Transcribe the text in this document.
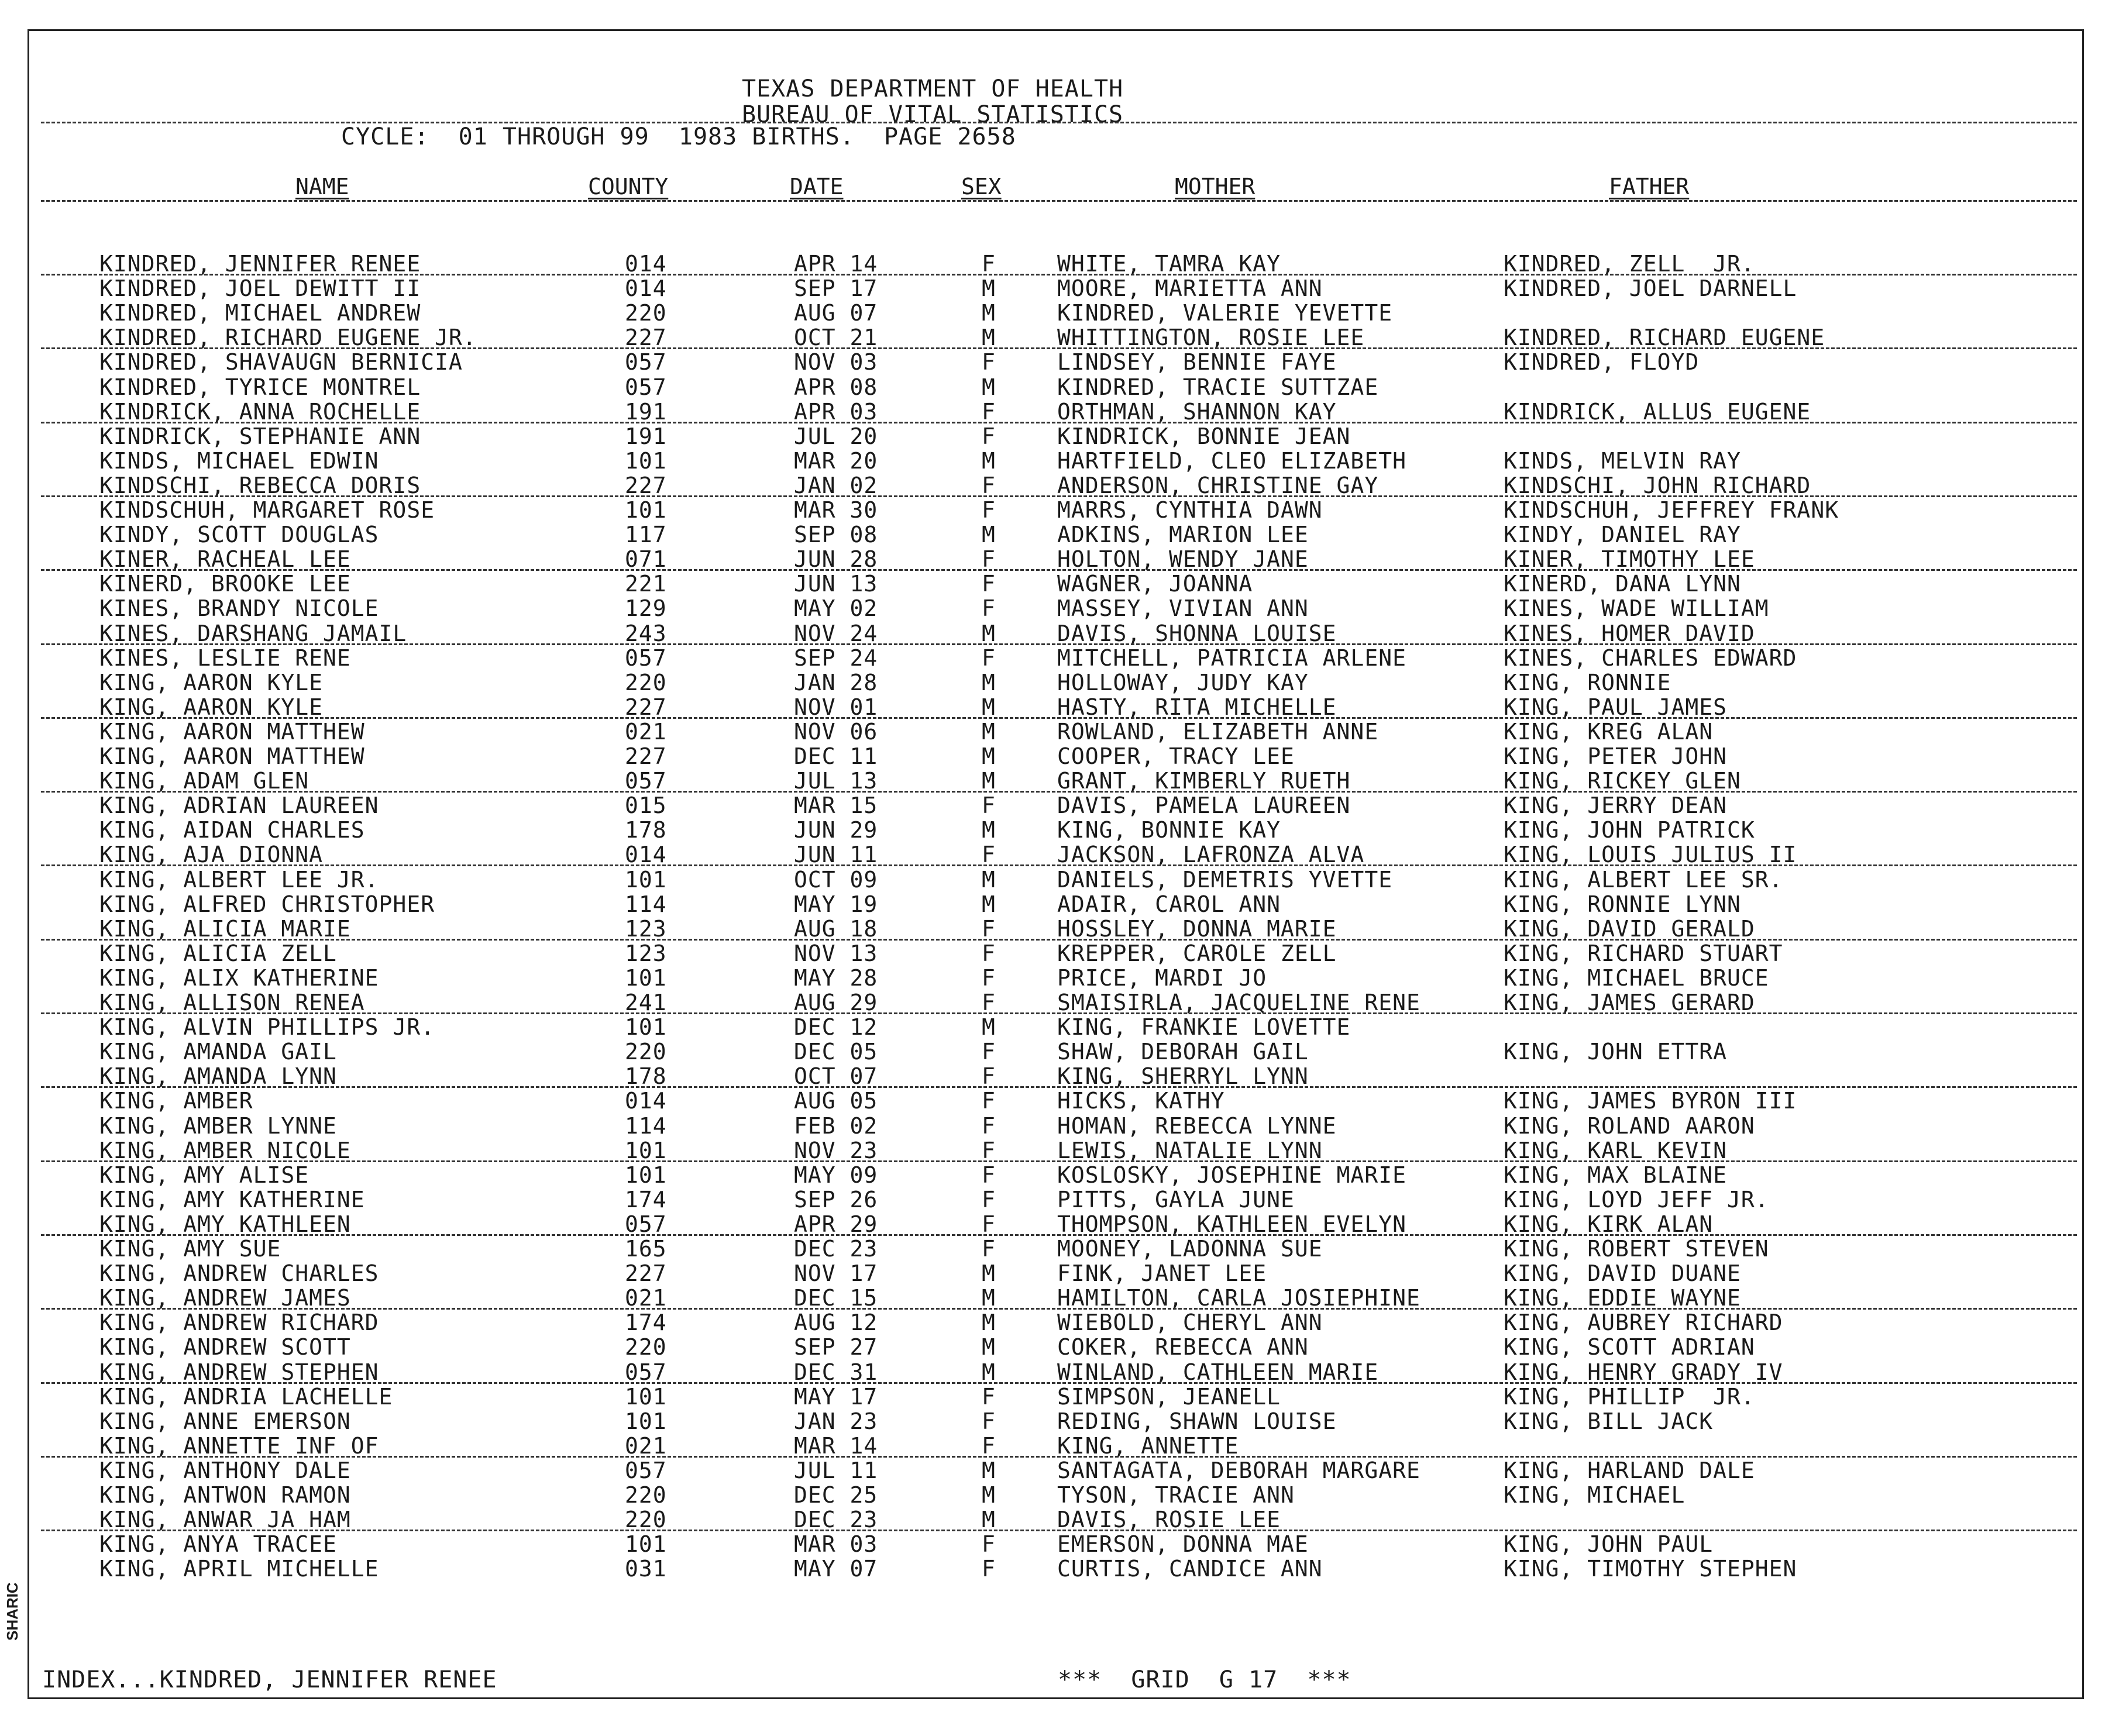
TEXAS DEPARTMENT OF HEALTH
BUREAU OF VITAL STATISTICS
CYCLE:  01 THROUGH 99  1983 BIRTHS.  PAGE 2658
NAME	COUNTY	DATE	SEX	MOTHER	FATHER
KINDRED, JENNIFER RENEE	014	APR 14	F	WHITE, TAMRA KAY	KINDRED, ZELL  JR.
KINDRED, JOEL DEWITT II	014	SEP 17	M	MOORE, MARIETTA ANN	KINDRED, JOEL DARNELL
KINDRED, MICHAEL ANDREW	220	AUG 07	M	KINDRED, VALERIE YEVETTE
KINDRED, RICHARD EUGENE JR.	227	OCT 21	M	WHITTINGTON, ROSIE LEE	KINDRED, RICHARD EUGENE
KINDRED, SHAVAUGN BERNICIA	057	NOV 03	F	LINDSEY, BENNIE FAYE	KINDRED, FLOYD
KINDRED, TYRICE MONTREL	057	APR 08	M	KINDRED, TRACIE SUTTZAE
KINDRICK, ANNA ROCHELLE	191	APR 03	F	ORTHMAN, SHANNON KAY	KINDRICK, ALLUS EUGENE
KINDRICK, STEPHANIE ANN	191	JUL 20	F	KINDRICK, BONNIE JEAN
KINDS, MICHAEL EDWIN	101	MAR 20	M	HARTFIELD, CLEO ELIZABETH	KINDS, MELVIN RAY
KINDSCHI, REBECCA DORIS	227	JAN 02	F	ANDERSON, CHRISTINE GAY	KINDSCHI, JOHN RICHARD
KINDSCHUH, MARGARET ROSE	101	MAR 30	F	MARRS, CYNTHIA DAWN	KINDSCHUH, JEFFREY FRANK
KINDY, SCOTT DOUGLAS	117	SEP 08	M	ADKINS, MARION LEE	KINDY, DANIEL RAY
KINER, RACHEAL LEE	071	JUN 28	F	HOLTON, WENDY JANE	KINER, TIMOTHY LEE
KINERD, BROOKE LEE	221	JUN 13	F	WAGNER, JOANNA	KINERD, DANA LYNN
KINES, BRANDY NICOLE	129	MAY 02	F	MASSEY, VIVIAN ANN	KINES, WADE WILLIAM
KINES, DARSHANG JAMAIL	243	NOV 24	M	DAVIS, SHONNA LOUISE	KINES, HOMER DAVID
KINES, LESLIE RENE	057	SEP 24	F	MITCHELL, PATRICIA ARLENE	KINES, CHARLES EDWARD
KING, AARON KYLE	220	JAN 28	M	HOLLOWAY, JUDY KAY	KING, RONNIE
KING, AARON KYLE	227	NOV 01	M	HASTY, RITA MICHELLE	KING, PAUL JAMES
KING, AARON MATTHEW	021	NOV 06	M	ROWLAND, ELIZABETH ANNE	KING, KREG ALAN
KING, AARON MATTHEW	227	DEC 11	M	COOPER, TRACY LEE	KING, PETER JOHN
KING, ADAM GLEN	057	JUL 13	M	GRANT, KIMBERLY RUETH	KING, RICKEY GLEN
KING, ADRIAN LAUREEN	015	MAR 15	F	DAVIS, PAMELA LAUREEN	KING, JERRY DEAN
KING, AIDAN CHARLES	178	JUN 29	M	KING, BONNIE KAY	KING, JOHN PATRICK
KING, AJA DIONNA	014	JUN 11	F	JACKSON, LAFRONZA ALVA	KING, LOUIS JULIUS II
KING, ALBERT LEE JR.	101	OCT 09	M	DANIELS, DEMETRIS YVETTE	KING, ALBERT LEE SR.
KING, ALFRED CHRISTOPHER	114	MAY 19	M	ADAIR, CAROL ANN	KING, RONNIE LYNN
KING, ALICIA MARIE	123	AUG 18	F	HOSSLEY, DONNA MARIE	KING, DAVID GERALD
KING, ALICIA ZELL	123	NOV 13	F	KREPPER, CAROLE ZELL	KING, RICHARD STUART
KING, ALIX KATHERINE	101	MAY 28	F	PRICE, MARDI JO	KING, MICHAEL BRUCE
KING, ALLISON RENEA	241	AUG 29	F	SMAISIRLA, JACQUELINE RENE	KING, JAMES GERARD
KING, ALVIN PHILLIPS JR.	101	DEC 12	M	KING, FRANKIE LOVETTE
KING, AMANDA GAIL	220	DEC 05	F	SHAW, DEBORAH GAIL	KING, JOHN ETTRA
KING, AMANDA LYNN	178	OCT 07	F	KING, SHERRYL LYNN
KING, AMBER	014	AUG 05	F	HICKS, KATHY	KING, JAMES BYRON III
KING, AMBER LYNNE	114	FEB 02	F	HOMAN, REBECCA LYNNE	KING, ROLAND AARON
KING, AMBER NICOLE	101	NOV 23	F	LEWIS, NATALIE LYNN	KING, KARL KEVIN
KING, AMY ALISE	101	MAY 09	F	KOSLOSKY, JOSEPHINE MARIE	KING, MAX BLAINE
KING, AMY KATHERINE	174	SEP 26	F	PITTS, GAYLA JUNE	KING, LOYD JEFF JR.
KING, AMY KATHLEEN	057	APR 29	F	THOMPSON, KATHLEEN EVELYN	KING, KIRK ALAN
KING, AMY SUE	165	DEC 23	F	MOONEY, LADONNA SUE	KING, ROBERT STEVEN
KING, ANDREW CHARLES	227	NOV 17	M	FINK, JANET LEE	KING, DAVID DUANE
KING, ANDREW JAMES	021	DEC 15	M	HAMILTON, CARLA JOSIEPHINE	KING, EDDIE WAYNE
KING, ANDREW RICHARD	174	AUG 12	M	WIEBOLD, CHERYL ANN	KING, AUBREY RICHARD
KING, ANDREW SCOTT	220	SEP 27	M	COKER, REBECCA ANN	KING, SCOTT ADRIAN
KING, ANDREW STEPHEN	057	DEC 31	M	WINLAND, CATHLEEN MARIE	KING, HENRY GRADY IV
KING, ANDRIA LACHELLE	101	MAY 17	F	SIMPSON, JEANELL	KING, PHILLIP  JR.
KING, ANNE EMERSON	101	JAN 23	F	REDING, SHAWN LOUISE	KING, BILL JACK
KING, ANNETTE INF OF	021	MAR 14	F	KING, ANNETTE
KING, ANTHONY DALE	057	JUL 11	M	SANTAGATA, DEBORAH MARGARE	KING, HARLAND DALE
KING, ANTWON RAMON	220	DEC 25	M	TYSON, TRACIE ANN	KING, MICHAEL
KING, ANWAR JA HAM	220	DEC 23	M	DAVIS, ROSIE LEE
KING, ANYA TRACEE	101	MAR 03	F	EMERSON, DONNA MAE	KING, JOHN PAUL
KING, APRIL MICHELLE	031	MAY 07	F	CURTIS, CANDICE ANN	KING, TIMOTHY STEPHEN
INDEX...KINDRED, JENNIFER RENEE	***  GRID  G 17  ***
SHARIC
